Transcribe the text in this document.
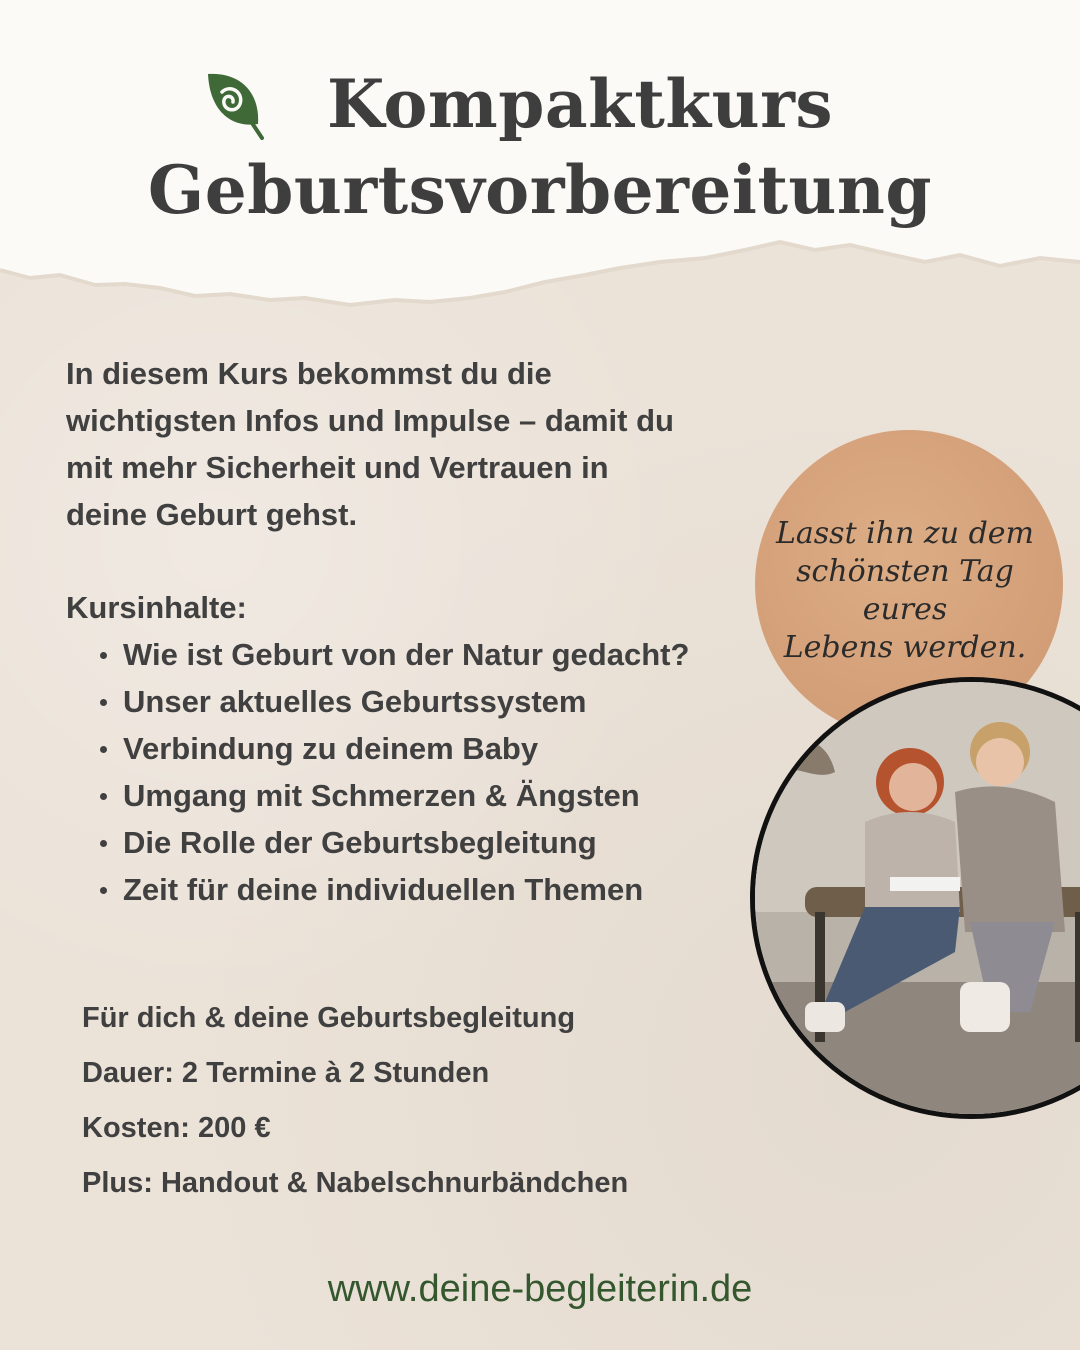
Kompaktkurs
Geburtsvorbereitung
In diesem Kurs bekommst du die
wichtigsten Infos und Impulse – damit du
mit mehr Sicherheit und Vertrauen in
deine Geburt gehst.
Kursinhalte:
Wie ist Geburt von der Natur gedacht?
Unser aktuelles Geburtssystem
Verbindung zu deinem Baby
Umgang mit Schmerzen & Ängsten
Die Rolle der Geburtsbegleitung
Zeit für deine individuellen Themen
Lasst ihn zu dem
schönsten Tag eures
Lebens werden.
Für dich & deine Geburtsbegleitung
Dauer: 2 Termine à 2 Stunden
Kosten: 200 €
Plus: Handout & Nabelschnurbändchen
www.deine-begleiterin.de
